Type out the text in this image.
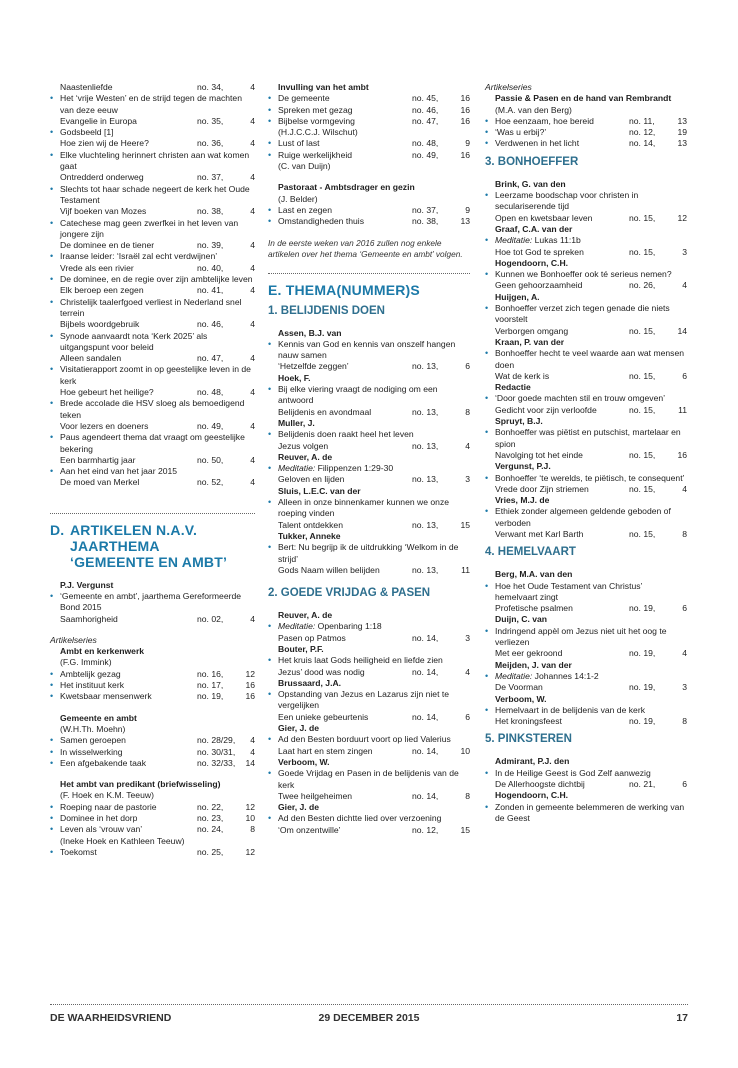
Naastenliefde	no. 34,	4
• Het ‘vrije Westen’ en de strijd tegen de machten van deze eeuw
Evangelie in Europa	no. 35,	4
• Godsbeeld [1]
Hoe zien wij de Heere?	no. 36,	4
• Elke vluchteling herinnert christen aan wat komen gaat
Ontredderd onderweg	no. 37,	4
• Slechts tot haar schade negeert de kerk het Oude Testament
Vijf boeken van Mozes	no. 38,	4
• Catechese mag geen zwerfkei in het leven van jongere zijn
De dominee en de tiener	no. 39,	4
• Iraanse leider: ‘Israël zal echt verdwijnen’
Vrede als een rivier	no. 40,	4
• De dominee, en de regie over zijn ambtelijke leven
Elk beroep een zegen	no. 41,	4
• Christelijk taalerfgoed verliest in Nederland snel terrein
Bijbels woordgebruik	no. 46,	4
• Synode aanvaardt nota ‘Kerk 2025’ als uitgangspunt voor beleid
Alleen sandalen	no. 47,	4
• Visitatierapport zoomt in op geestelijke leven in de kerk
Hoe gebeurt het heilige?	no. 48,	4
• Brede accolade die HSV sloeg als bemoedigend teken
Voor lezers en doeners	no. 49,	4
• Paus agendeert thema dat vraagt om geestelijke bekering
Een barmhartig jaar	no. 50,	4
• Aan het eind van het jaar 2015
De moed van Merkel	no. 52,	4
D. ARTIKELEN N.A.V. JAARTHEMA
‘GEMEENTE EN AMBT’
P.J. Vergunst
• ‘Gemeente en ambt’, jaarthema Gereformeerde Bond 2015
Saamhorigheid	no. 02,	4
Artikelseries
Ambt en kerkenwerk
(F.G. Immink)
• Ambtelijk gezag	no. 16,	12
• Het instituut kerk	no. 17,	16
• Kwetsbaar mensenwerk	no. 19,	16
Gemeente en ambt
(W.H.Th. Moehn)
• Samen geroepen	no. 28/29,	4
• In wisselwerking	no. 30/31,	4
• Een afgebakende taak	no. 32/33,	14
Het ambt van predikant (briefwisseling)
(F. Hoek en K.M. Teeuw)
• Roeping naar de pastorie	no. 22,	12
• Dominee in het dorp	no. 23,	10
• Leven als ‘vrouw van’	no. 24,	8
(Ineke Hoek en Kathleen Teeuw)
• Toekomst	no. 25,	12
Invulling van het ambt
• De gemeente	no. 45,	16
• Spreken met gezag	no. 46,	16
• Bijbelse vormgeving	no. 47,	16
(H.J.C.C.J. Wilschut)
• Lust of last	no. 48,	9
• Ruige werkelijkheid	no. 49,	16
(C. van Duijn)
Pastoraat - Ambtsdrager en gezin
(J. Belder)
• Last en zegen	no. 37,	9
• Omstandigheden thuis	no. 38,	13
In de eerste weken van 2016 zullen nog enkele artikelen over het thema ‘Gemeente en ambt’ volgen.
E. THEMA(NUMMER)S
1. BELIJDENIS DOEN
Assen, B.J. van
• Kennis van God en kennis van onszelf hangen nauw samen
‘Hetzelfde zeggen’	no. 13,	6
Hoek, F.
• Bij elke viering vraagt de nodiging om een antwoord
Belijdenis en avondmaal	no. 13,	8
Muller, J.
• Belijdenis doen raakt heel het leven
Jezus volgen	no. 13,	4
Reuver, A. de
• Meditatie: Filippenzen 1:29-30
Geloven en lijden	no. 13,	3
Sluis, L.E.C. van der
• Alleen in onze binnenkamer kunnen we onze roeping vinden
Talent ontdekken	no. 13,	15
Tukker, Anneke
• Bert: Nu begrijp ik de uitdrukking ‘Welkom in de strijd’
Gods Naam willen belijden	no. 13,	11
2. GOEDE VRIJDAG & PASEN
Reuver, A. de
• Meditatie: Openbaring 1:18
Pasen op Patmos	no. 14,	3
Bouter, P.F.
• Het kruis laat Gods heiligheid en liefde zien
Jezus’ dood was nodig	no. 14,	4
Brussaard, J.A.
• Opstanding van Jezus en Lazarus zijn niet te vergelijken
Een unieke gebeurtenis	no. 14,	6
Gier, J. de
• Ad den Besten borduurt voort op lied Valerius
Laat hart en stem zingen	no. 14,	10
Verboom, W.
• Goede Vrijdag en Pasen in de belijdenis van de kerk
Twee heilgeheimen	no. 14,	8
Gier, J. de
• Ad den Besten dichtte lied over verzoening
‘Om onzentwille’	no. 12,	15
Artikelseries
Passie & Pasen en de hand van Rembrandt
(M.A. van den Berg)
• Hoe eenzaam, hoe bereid	no. 11,	13
• ‘Was u erbij?’	no. 12,	19
• Verdwenen in het licht	no. 14,	13
3. BONHOEFFER
Brink, G. van den
• Leerzame boodschap voor christen in seculariserende tijd
Open en kwetsbaar leven	no. 15,	12
Graaf, C.A. van der
• Meditatie: Lukas 11:1b
Hoe tot God te spreken	no. 15,	3
Hogendoorn, C.H.
• Kunnen we Bonhoeffer ook té serieus nemen?
Geen gehoorzaamheid	no. 26,	4
Huijgen, A.
• Bonhoeffer verzet zich tegen genade die niets voorstelt
Verborgen omgang	no. 15,	14
Kraan, P. van der
• Bonhoeffer hecht te veel waarde aan wat mensen doen
Wat de kerk is	no. 15,	6
Redactie
• ‘Door goede machten stil en trouw omgeven’
Gedicht voor zijn verloofde	no. 15,	11
Spruyt, B.J.
• Bonhoeffer was piëtist en putschist, martelaar en spion
Navolging tot het einde	no. 15,	16
Vergunst, P.J.
• Bonhoeffer ‘te werelds, te piëtisch, te consequent’
Vrede door Zijn striemen	no. 15,	4
Vries, M.J. de
• Ethiek zonder algemeen geldende geboden of verboden
Verwant met Karl Barth	no. 15,	8
4. HEMELVAART
Berg, M.A. van den
• Hoe het Oude Testament van Christus’ hemelvaart zingt
Profetische psalmen	no. 19,	6
Duijn, C. van
• Indringend appèl om Jezus niet uit het oog te verliezen
Met eer gekroond	no. 19,	4
Meijden, J. van der
• Meditatie: Johannes 14:1-2
De Voorman	no. 19,	3
Verboom, W.
• Hemelvaart in de belijdenis van de kerk
Het kroningsfeest	no. 19,	8
5. PINKSTEREN
Admirant, P.J. den
• In de Heilige Geest is God Zelf aanwezig
De Allerhoogste dichtbij	no. 21,	6
Hogendoorn, C.H.
• Zonden in gemeente belemmeren de werking van de Geest
DE WAARHEIDSVRIEND	29 DECEMBER 2015	17
